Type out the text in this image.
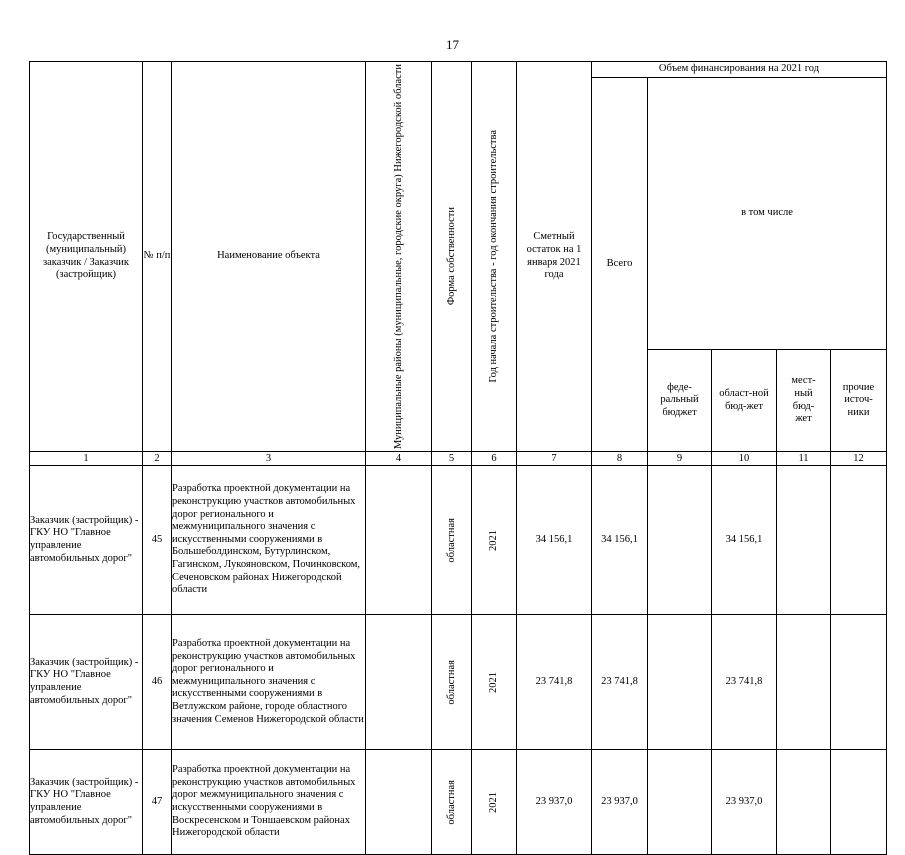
17
Государственный (муниципальный) заказчик / Заказчик (застройщик)	№ п/п	Наименование объекта	Муниципальные районы (муниципальные, городские округа) Нижегородской области	Форма собственности	Год начала строительства - год окончания строительства	Сметный остаток на 1 января 2021 года	Объем финансирования на 2021 год				
							Всего	в том числе			
								феде-ральный бюджет	област-ной бюд-жет	мест-ный бюд-жет	прочие источ-ники
1	2	3	4	5	6	7	8	9	10	11	12
Заказчик (застройщик) - ГКУ НО "Главное управление автомобильных дорог"	45	Разработка проектной документации на реконструкцию участков автомобильных дорог регионального и межмуниципального значения с искусственными сооружениями в Большеболдинском, Бутурлинском, Гагинском, Лукояновском, Починковском, Сеченовском районах Нижегородской области		областная	2021	34 156,1	34 156,1		34 156,1		
Заказчик (застройщик) - ГКУ НО "Главное управление автомобильных дорог"	46	Разработка проектной документации на реконструкцию участков автомобильных дорог регионального и межмуниципального значения с искусственными сооружениями в Ветлужском районе, городе областного значения Семенов Нижегородской области		областная	2021	23 741,8	23 741,8		23 741,8		
Заказчик (застройщик) - ГКУ НО "Главное управление автомобильных дорог"	47	Разработка проектной документации на реконструкцию участков автомобильных дорог межмуниципального значения с искусственными сооружениями в Воскресенском и Тоншаевском районах Нижегородской области		областная	2021	23 937,0	23 937,0		23 937,0		
